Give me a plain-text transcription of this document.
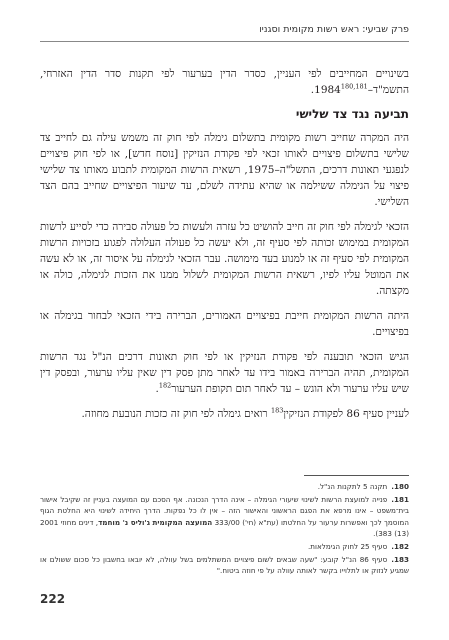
פרק שביעי: ראש רשות מקומית וסגניו

בשינויים המחייבים לפי העניין, כסדר הדין בערעור לפי תקנות סדר הדין האזרחי, התשמ"ד–1984$^{180,181}$.

תביעה נגד צד שלישי

היה המקרה שחייב רשות מקומית בתשלום גימלה לפי חוק זה משמש עילה גם לחייב צד שלישי בתשלום פיצויים לאותו זכאי לפי פקודת הנזיקין [נוסח חדש], או לפי חוק פיצויים לנפגעי תאונות דרכים, התשל"ה–1975, רשאית הרשות המקומית לתבוע מאותו צד שלישי פיצוי על הגימלה ששילמה או שהיא עתידה לשלם, עד שיעור הפיצויים שחייב בהם הצד השלישי.

הזכאי לגימלה לפי חוק זה חייב להושיט כל עזרה ולעשות כל פעולה סבירה כדי לסייע לרשות המקומית במימוש זכותה לפי סעיף זה, ולא יעשה כל פעולה העלולה לפגוע בזכויות הרשות המקומית לפי סעיף זה או למנוע בעד מימושה. עבר הזכאי לגימלה על איסור זה, או לא עשה את המוטל עליו לפיו, רשאית הרשות המקומית לשלול ממנו את הזכות לגימלה, כולה או מקצתה.

היתה הרשות המקומית חייבת בפיצויים האמורים, הברירה בידי הזכאי לבחור בגימלה או בפיצויים.

הגיש הזכאי תובענה לפי פקודת הנזיקין או לפי חוק תאונות דרכים הנ"ל נגד הרשות המקומית, תהיה הברירה באמור בידו עד לאחר מתן פסק דין שאין עליו ערעור, ובפסק דין שיש עליו ערעור ולא הוגש – עד לאחר תום תקופת הערעור$^{182}$.

לעניין סעיף 86 לפקודת הנזיקין$^{183}$ רואים גימלה לפי חוק זה כזכות הנובעת מחוזה.

180.תקנה 5 לתקנות הנ"ל.

181.פנייה למועצת הרשות לשינוי שיעורי הגימלה – אינה הדרך הנכונה. אף הסכם עם המועצה בעניין זה שקיבל אישור בית־משפט – אינו מרפא את הפגם הראשוני והאישור הזה – אין לו כל נפקות. הדרך היחידה לשינוי היא החלטת הגוף המוסמך לכך ואפשרות ערעור על החלטתו (עת"א (חי') 333/00 המועצה המקומית ג'וליס נ' מוחמד, דינים מחוזי 2001 (13) 383).

182.סעיף 25 לחוק הגימלאות.

183.סעיף 86 הנ"ל קובע: "שעה שבאים לשום פיצויים המשתלמים בשל עוולה, לא יובאו בחשבון כל סכום ששולם או שמגיע לנזוק או לתלוייו בקשר לאותה עוולה על פי חוזה ביטוח."

222
